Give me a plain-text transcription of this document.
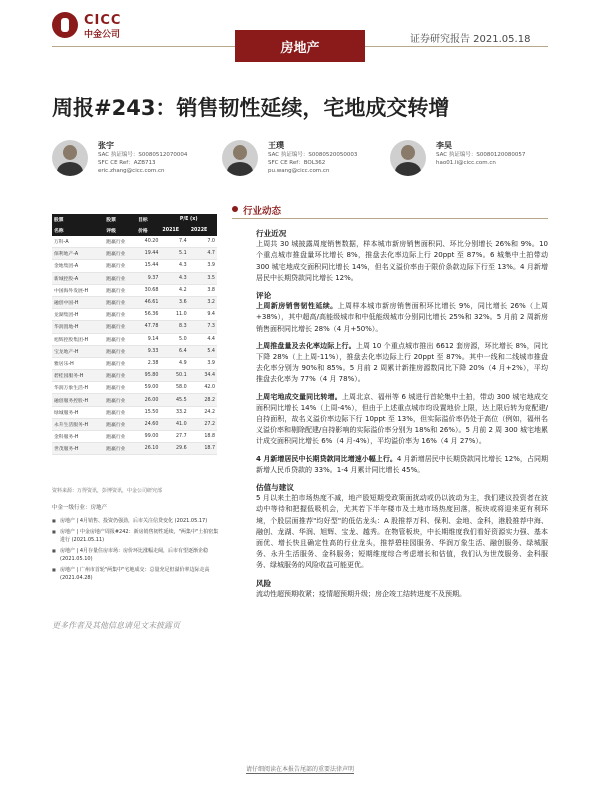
CICC
中金公司
房地产
证券研究报告 2021.05.18
周报#243：销售韧性延续，宅地成交转增
张宇
SAC 执证编号：S0080512070004
SFC CE Ref：AZB713
eric.zhang@cicc.com.cn
王璞
SAC 执证编号：S0080520050003
SFC CE Ref：BOL362
pu.wang@cicc.com.cn
李昊
SAC 执证编号：S0080120080057
hao01.li@cicc.com.cn
股票	股票	目标	P/E (x)	
名称	评级	价格	2021E	2022E
万科-A	跑赢行业	40.20	7.4	7.0
保利地产-A	跑赢行业	19.44	5.1	4.7
金地集团-A	跑赢行业	15.44	4.3	3.9
新城控股-A	跑赢行业	9.37	4.3	3.5
中国海外发展-H	跑赢行业	30.68	4.2	3.8
融创中国-H	跑赢行业	46.61	3.6	3.2
龙湖集团-H	跑赢行业	56.36	11.0	9.4
华润置地-H	跑赢行业	47.78	8.3	7.3
旭辉控股集团-H	跑赢行业	9.14	5.0	4.4
宝龙地产-H	跑赢行业	9.33	6.4	5.4
雅居乐-H	跑赢行业	2.38	4.9	3.9
碧桂园服务-H	跑赢行业	95.80	50.1	34.4
华润万象生活-H	跑赢行业	59.00	58.0	42.0
融创服务控股-H	跑赢行业	26.00	45.5	28.2
绿城服务-H	跑赢行业	15.50	33.2	24.2
永升生活服务-H	跑赢行业	24.60	41.0	27.2
金科服务-H	跑赢行业	99.00	27.7	18.8
世茂服务-H	跑赢行业	26.10	29.6	18.7
资料来源：万得资讯，彭博资讯，中金公司研究部
中金一级行业：房地产
■ 房地产 | 4月销售、投资仍强劲，后市关注信贷变化 (2021.05.17)
■ 房地产 | 中金房地产周报#242：新房销售韧性延续，"两集中"土拍密集进行 (2021.05.11)
■ 房地产 | 4月存量住房市场：房价环比涨幅走阔，后市有望逐渐企稳 (2021.05.10)
■ 房地产 | 广州市首轮"两集中"宅地成交：总量充足但溢价率边际走高 (2021.04.28)
更多作者及其他信息请见文末披露页
行业动态
行业近况

上周共 30 城披露周度销售数据，样本城市新房销售面积同、环比分别增长 26%和 9%。10 个重点城市推盘量环比增长 8%，推盘去化率边际上行 20ppt 至 87%。6 城集中土拍带动 300 城宅地成交面积同比增长 14%，但名义溢价率由于限价条款边际下行至 13%。4 月新增居民中长期贷款同比增长 12%。

评论

上周新房销售韧性延续。上周样本城市新房销售面积环比增长 9%，同比增长 26%（上周+38%），其中超高/高能级城市和中低能级城市分别同比增长 25%和 32%。5 月前 2 周新房销售面积同比增长 28%（4 月+50%）。

上周推盘量及去化率边际上行。上周 10 个重点城市推出 6612 套房源，环比增长 8%，同比下降 28%（上上周-11%），推盘去化率边际上行 20ppt 至 87%。其中一线和二线城市推盘去化率分别为 90%和 85%。5 月前 2 周累计新推房源数同比下降 20%（4 月+2%），平均推盘去化率为 77%（4 月 78%）。

上周宅地成交量同比转增。上周北京、福州等 6 城进行首轮集中土拍，带动 300 城宅地成交面积同比增长 14%（上周-4%），但由于上述重点城市均设置地价上限，达上限后转为竞配建/自持面积，故名义溢价率边际下行 10ppt 至 13%，但实际溢价率仍处于高位（例如，福州名义溢价率和剔除配建/自持影响的实际溢价率分别为 18%和 26%）。5 月前 2 周 300 城宅地累计成交面积同比增长 6%（4 月-4%），平均溢价率为 16%（4 月 27%）。

4 月新增居民中长期贷款同比增速小幅上行。4 月新增居民中长期贷款同比增长 12%，占同期新增人民币贷款的 33%。1-4 月累计同比增长 45%。

估值与建议

5 月以来土拍市场热度不减，地产股短期受政策面扰动或仍以波动为主，我们建议投资者在波动中等待和把握低吸机会，尤其若下半年楼市及土地市场热度回落，板块或将迎来更有利环境，个股层面推荐"均好型"的低估龙头：A 股推荐万科、保利、金地、金科，港股推荐中海、融创、龙湖、华润、旭辉、宝龙、越秀。在物管板块，中长期维度我们看好资源实力强、基本面优、增长快且确定性高的行业龙头，推荐碧桂园服务、华润万象生活、融创服务、绿城服务、永升生活服务、金科服务；短期维度综合考虑增长和估值，我们认为世茂服务、金科服务、绿城服务的风险收益可能更优。

风险

流动性超预期收紧；疫情超预期升级；房企竣工结转进度不及预期。

请仔细阅读在本报告尾部的重要法律声明
